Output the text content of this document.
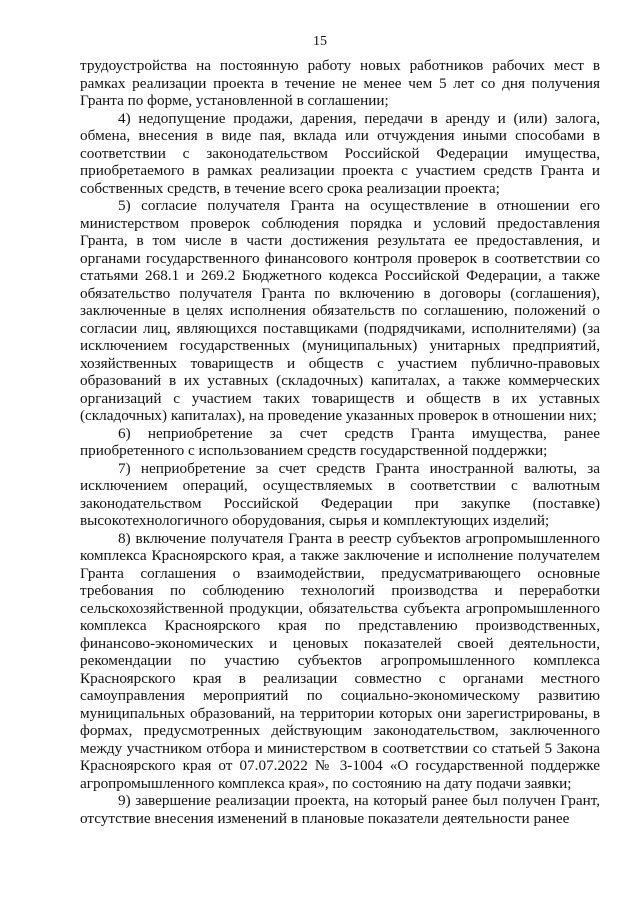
15

трудоустройства на постоянную работу новых работников рабочих мест в рамках реализации проекта в течение не менее чем 5 лет со дня получения Гранта по форме, установленной в соглашении;

4) недопущение продажи, дарения, передачи в аренду и (или) залога, обмена, внесения в виде пая, вклада или отчуждения иными способами в соответствии с законодательством Российской Федерации имущества, приобретаемого в рамках реализации проекта с участием средств Гранта и собственных средств, в течение всего срока реализации проекта;

5) согласие получателя Гранта на осуществление в отношении его министерством проверок соблюдения порядка и условий предоставления Гранта, в том числе в части достижения результата ее предоставления, и органами государственного финансового контроля проверок в соответствии со статьями 268.1 и 269.2 Бюджетного кодекса Российской Федерации, а также обязательство получателя Гранта по включению в договоры (соглашения), заключенные в целях исполнения обязательств по соглашению, положений о согласии лиц, являющихся поставщиками (подрядчиками, исполнителями) (за исключением государственных (муниципальных) унитарных предприятий, хозяйственных товариществ и обществ с участием публично-правовых образований в их уставных (складочных) капиталах, а также коммерческих организаций с участием таких товариществ и обществ в их уставных (складочных) капиталах), на проведение указанных проверок в отношении них;

6) неприобретение за счет средств Гранта имущества, ранее приобретенного с использованием средств государственной поддержки;

7) неприобретение за счет средств Гранта иностранной валюты, за исключением операций, осуществляемых в соответствии с валютным законодательством Российской Федерации при закупке (поставке) высокотехнологичного оборудования, сырья и комплектующих изделий;

8) включение получателя Гранта в реестр субъектов агропромышленного комплекса Красноярского края, а также заключение и исполнение получателем Гранта соглашения о взаимодействии, предусматривающего основные требования по соблюдению технологий производства и переработки сельскохозяйственной продукции, обязательства субъекта агропромышленного комплекса Красноярского края по представлению производственных, финансово-экономических и ценовых показателей своей деятельности, рекомендации по участию субъектов агропромышленного комплекса Красноярского края в реализации совместно с органами местного самоуправления мероприятий по социально-экономическому развитию муниципальных образований, на территории которых они зарегистрированы, в формах, предусмотренных действующим законодательством, заключенного между участником отбора и министерством в соответствии со статьей 5 Закона Красноярского края от 07.07.2022 № 3-1004 «О государственной поддержке агропромышленного комплекса края», по состоянию на дату подачи заявки;

9) завершение реализации проекта, на который ранее был получен Грант, отсутствие внесения изменений в плановые показатели деятельности ранее
